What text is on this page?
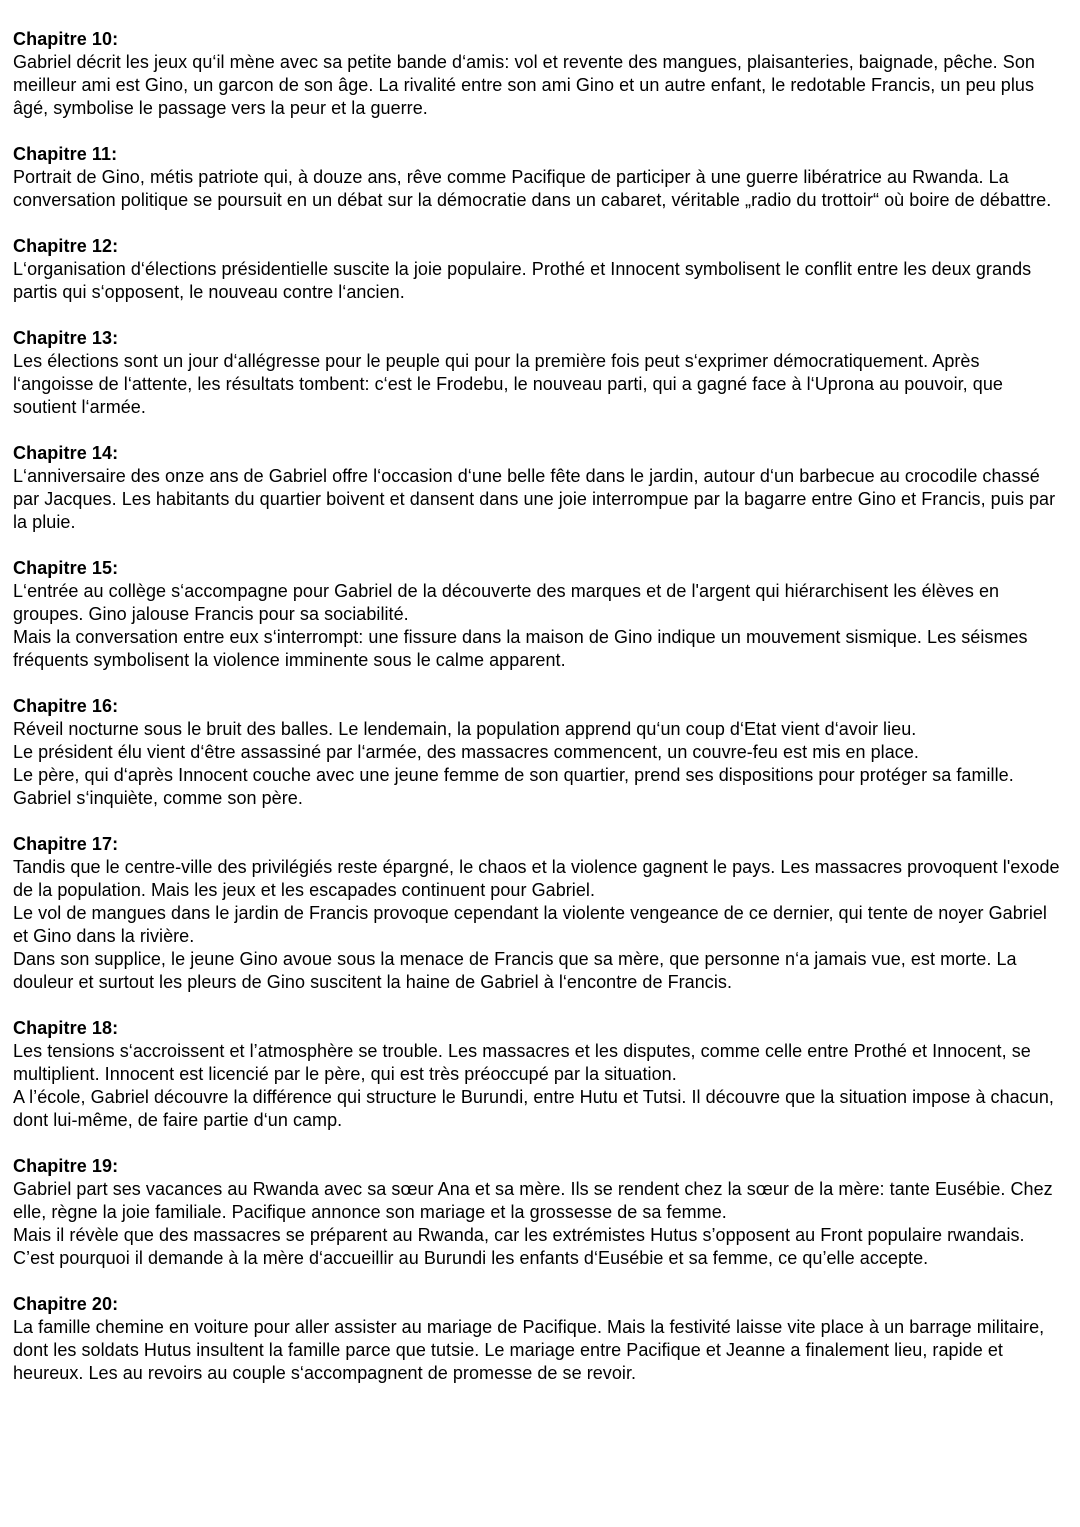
Chapitre 10:

Gabriel décrit les jeux qu‘il mène avec sa petite bande d‘amis: vol et revente des mangues, plaisanteries, baignade, pêche. Son meilleur ami est Gino, un garcon de son âge. La rivalité entre son ami Gino et un autre enfant, le redotable Francis, un peu plus âgé, symbolise le passage vers la peur et la guerre.

Chapitre 11:

Portrait de Gino, métis patriote qui, à douze ans, rêve comme Pacifique de participer à une guerre libératrice au Rwanda. La conversation politique se poursuit en un débat sur la démocratie dans un cabaret, véritable „radio du trottoir“ où boire de débattre.

Chapitre 12:

L‘organisation d‘élections présidentielle suscite la joie populaire. Prothé et Innocent symbolisent le conflit entre les deux grands partis qui s‘opposent, le nouveau contre l‘ancien.

Chapitre 13:

Les élections sont un jour d‘allégresse pour le peuple qui pour la première fois peut s‘exprimer démocratiquement. Après l‘angoisse de l‘attente, les résultats tombent: c‘est le Frodebu, le nouveau parti, qui a gagné face à l‘Uprona au pouvoir, que soutient l‘armée.

Chapitre 14:

L‘anniversaire des onze ans de Gabriel offre l‘occasion d‘une belle fête dans le jardin, autour d‘un barbecue au crocodile chassé par Jacques. Les habitants du quartier boivent et dansent dans une joie interrompue par la bagarre entre Gino et Francis, puis par la pluie.

Chapitre 15:

L‘entrée au collège s‘accompagne pour Gabriel de la découverte des marques et de l'argent qui hiérarchisent les élèves en groupes. Gino jalouse Francis pour sa sociabilité.

Mais la conversation entre eux s‘interrompt: une fissure dans la maison de Gino indique un mouvement sismique. Les séismes fréquents symbolisent la violence imminente sous le calme apparent.

Chapitre 16:

Réveil nocturne sous le bruit des balles. Le lendemain, la population apprend qu‘un coup d‘Etat vient d‘avoir lieu.

Le président élu vient d‘être assassiné par l‘armée, des massacres commencent, un couvre-feu est mis en place.

Le père, qui d‘après Innocent couche avec une jeune femme de son quartier, prend ses dispositions pour protéger sa famille. Gabriel s‘inquiète, comme son père.

Chapitre 17:

Tandis que le centre-ville des privilégiés reste épargné, le chaos et la violence gagnent le pays. Les massacres provoquent l'exode de la population. Mais les jeux et les escapades continuent pour Gabriel.

Le vol de mangues dans le jardin de Francis provoque cependant la violente vengeance de ce dernier, qui tente de noyer Gabriel et Gino dans la rivière.

Dans son supplice, le jeune Gino avoue sous la menace de Francis que sa mère, que personne n‘a jamais vue, est morte. La douleur et surtout les pleurs de Gino suscitent la haine de Gabriel à l‘encontre de Francis.

Chapitre 18:

Les tensions s‘accroissent et l’atmosphère se trouble. Les massacres et les disputes, comme celle entre Prothé et Innocent, se multiplient. Innocent est licencié par le père, qui est très préoccupé par la situation.

A l’école, Gabriel découvre la différence qui structure le Burundi, entre Hutu et Tutsi. Il découvre que la situation impose à chacun, dont lui-même, de faire partie d‘un camp.

Chapitre 19:

Gabriel part ses vacances au Rwanda avec sa sœur Ana et sa mère. Ils se rendent chez la sœur de la mère: tante Eusébie. Chez elle, règne la joie familiale. Pacifique annonce son mariage et la grossesse de sa femme.

Mais il révèle que des massacres se préparent au Rwanda, car les extrémistes Hutus s’opposent au Front populaire rwandais. C’est pourquoi il demande à la mère d‘accueillir au Burundi les enfants d‘Eusébie et sa femme, ce qu’elle accepte.

Chapitre 20:

La famille chemine en voiture pour aller assister au mariage de Pacifique. Mais la festivité laisse vite place à un barrage militaire, dont les soldats Hutus insultent la famille parce que tutsie. Le mariage entre Pacifique et Jeanne a finalement lieu, rapide et heureux. Les au revoirs au couple s‘accompagnent de promesse de se revoir.
